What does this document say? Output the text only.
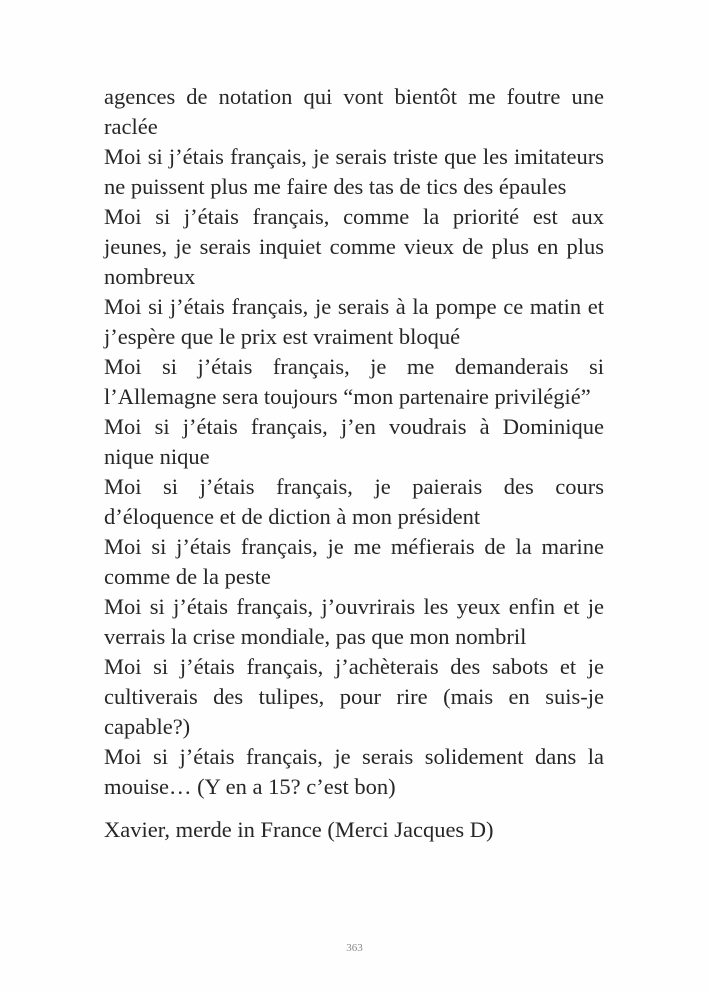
agences de notation qui vont bientôt me foutre une raclée

Moi si j’étais français, je serais triste que les imitateurs ne puissent plus me faire des tas de tics des épaules

Moi si j’étais français, comme la priorité est aux jeunes, je serais inquiet comme vieux de plus en plus nombreux

Moi si j’étais français, je serais à la pompe ce matin et j’espère que le prix est vraiment bloqué

Moi si j’étais français, je me demanderais si l’Allemagne sera toujours “mon partenaire privilégié”

Moi si j’étais français, j’en voudrais à Dominique nique nique

Moi si j’étais français, je paierais des cours d’éloquence et de diction à mon président

Moi si j’étais français, je me méfierais de la marine comme de la peste

Moi si j’étais français, j’ouvrirais les yeux enfin et je verrais la crise mondiale, pas que mon nombril

Moi si j’étais français, j’achèterais des sabots et je cultiverais des tulipes, pour rire (mais en suis-je capable?)

Moi si j’étais français, je serais solidement dans la mouise… (Y en a 15? c’est bon)

Xavier, merde in France (Merci Jacques D)

363
